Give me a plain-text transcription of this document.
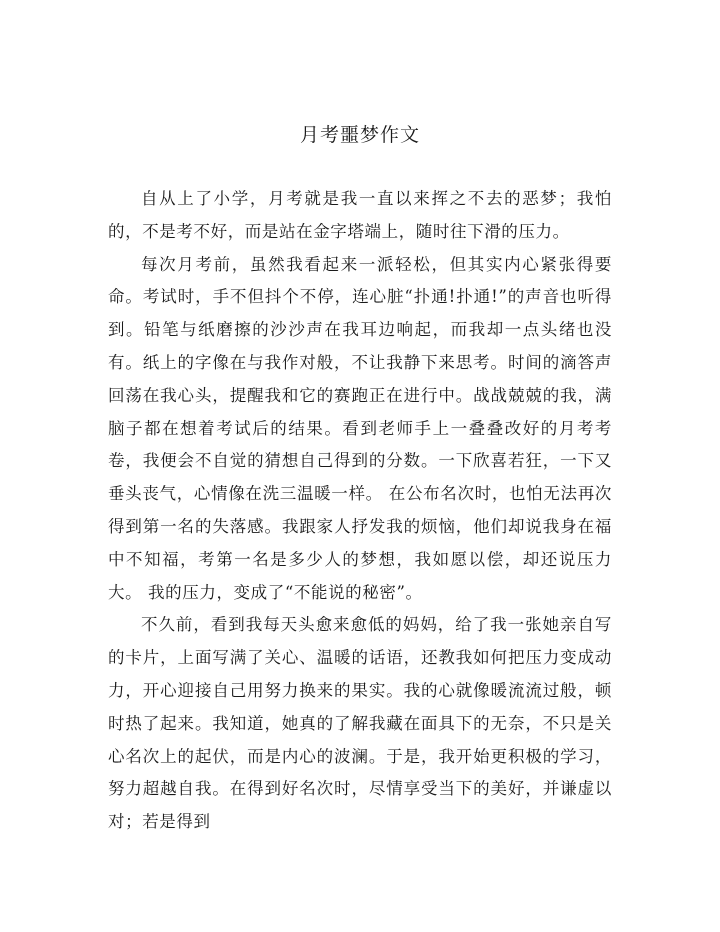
月考噩梦作文

自从上了小学，月考就是我一直以来挥之不去的恶梦；我怕的，不是考不好，而是站在金字塔端上，随时往下滑的压力。

每次月考前，虽然我看起来一派轻松，但其实内心紧张得要命。考试时，手不但抖个不停，连心脏“扑通!扑通!”的声音也听得到。铅笔与纸磨擦的沙沙声在我耳边响起，而我却一点头绪也没有。纸上的字像在与我作对般，不让我静下来思考。时间的滴答声回荡在我心头，提醒我和它的赛跑正在进行中。战战兢兢的我，满脑子都在想着考试后的结果。看到老师手上一叠叠改好的月考考卷，我便会不自觉的猜想自己得到的分数。一下欣喜若狂，一下又垂头丧气，心情像在洗三温暖一样。 在公布名次时，也怕无法再次得到第一名的失落感。我跟家人抒发我的烦恼，他们却说我身在福中不知福，考第一名是多少人的梦想，我如愿以偿，却还说压力大。 我的压力，变成了“不能说的秘密”。

不久前，看到我每天头愈来愈低的妈妈，给了我一张她亲自写的卡片，上面写满了关心、温暖的话语，还教我如何把压力变成动力，开心迎接自己用努力换来的果实。我的心就像暖流流过般，顿时热了起来。我知道，她真的了解我藏在面具下的无奈，不只是关心名次上的起伏，而是内心的波澜。于是，我开始更积极的学习， 努力超越自我。在得到好名次时，尽情享受当下的美好，并谦虚以对；若是得到
